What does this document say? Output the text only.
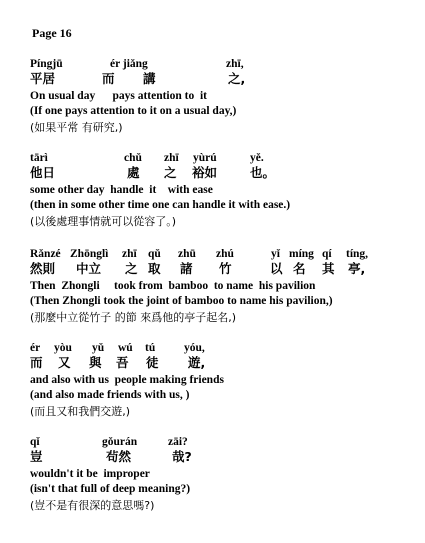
Page 16
Píngjū	ér jiǎng	zhī,
平居	而 講	之,
On usual day      pays attention to  it
(If one pays attention to it on a usual day,)
(如果平常 有研究,)
tārì	chǔ zhī yùrú	yě.
他日	處 之 裕如	也。
some other day  handle  it    with ease
(then in some other time one can handle it with ease.)
(以後處理事情就可以從容了。)
Rǎnzé Zhōnglì zhī qǔ zhū zhú	yǐ míng qí tíng,
然則 中立 之 取 諸 竹	以 名 其 亭,
Then  Zhongli     took from  bamboo  to name  his pavilion
(Then Zhongli took the joint of bamboo to name his pavilion,)
(那麼中立從竹子 的節 來爲他的亭子起名,)
ér yòu yǔ wú tú	yóu,
而 又 與 吾 徒 遊,
and also with us  people making friends
(and also made friends with us, )
(而且又和我們交遊,)
qǐ	gǒurán	zāi?
豈	茍然	哉?
wouldn't it be  improper
(isn't that full of deep meaning?)
(豈不是有很深的意思嗎?)
